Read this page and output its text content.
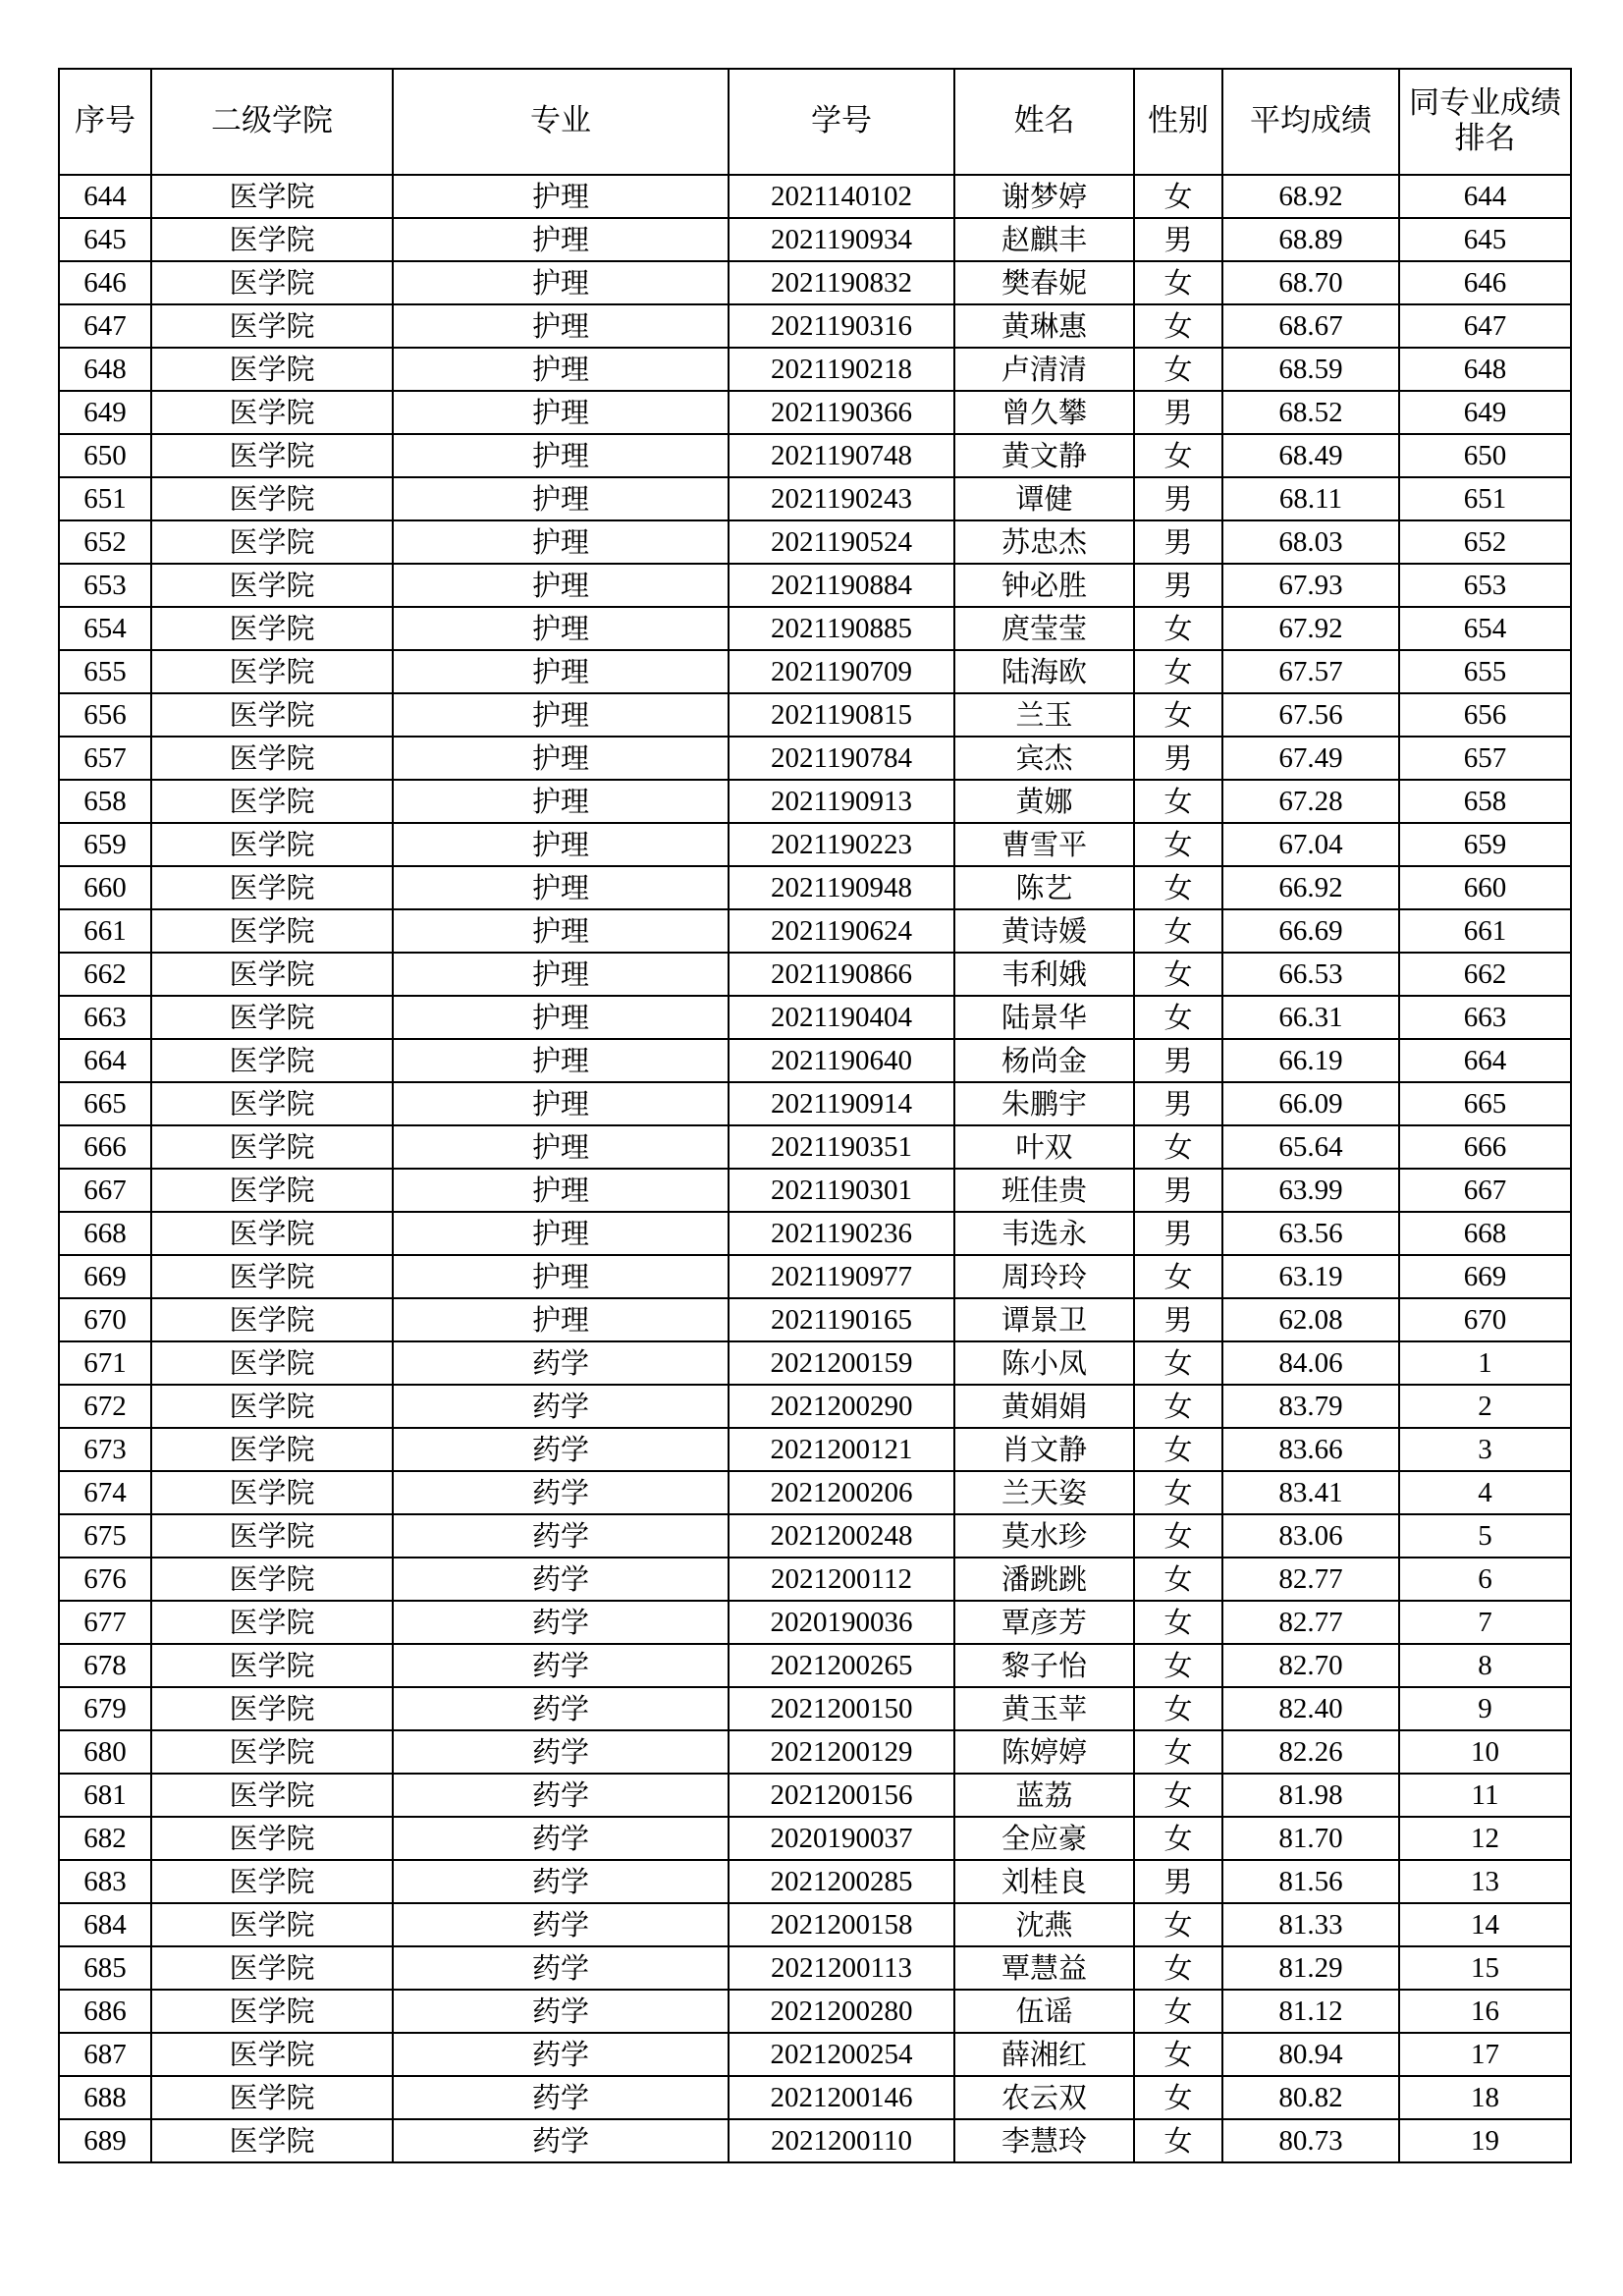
序号	二级学院	专业	学号	姓名	性别	平均成绩	同专业成绩排名
644	医学院	护理	2021140102	谢梦婷	女	68.92	644
645	医学院	护理	2021190934	赵麒丰	男	68.89	645
646	医学院	护理	2021190832	樊春妮	女	68.70	646
647	医学院	护理	2021190316	黄琳惠	女	68.67	647
648	医学院	护理	2021190218	卢清清	女	68.59	648
649	医学院	护理	2021190366	曾久攀	男	68.52	649
650	医学院	护理	2021190748	黄文静	女	68.49	650
651	医学院	护理	2021190243	谭健	男	68.11	651
652	医学院	护理	2021190524	苏忠杰	男	68.03	652
653	医学院	护理	2021190884	钟必胜	男	67.93	653
654	医学院	护理	2021190885	庹莹莹	女	67.92	654
655	医学院	护理	2021190709	陆海欧	女	67.57	655
656	医学院	护理	2021190815	兰玉	女	67.56	656
657	医学院	护理	2021190784	宾杰	男	67.49	657
658	医学院	护理	2021190913	黄娜	女	67.28	658
659	医学院	护理	2021190223	曹雪平	女	67.04	659
660	医学院	护理	2021190948	陈艺	女	66.92	660
661	医学院	护理	2021190624	黄诗媛	女	66.69	661
662	医学院	护理	2021190866	韦利娥	女	66.53	662
663	医学院	护理	2021190404	陆景华	女	66.31	663
664	医学院	护理	2021190640	杨尚金	男	66.19	664
665	医学院	护理	2021190914	朱鹏宇	男	66.09	665
666	医学院	护理	2021190351	叶双	女	65.64	666
667	医学院	护理	2021190301	班佳贵	男	63.99	667
668	医学院	护理	2021190236	韦选永	男	63.56	668
669	医学院	护理	2021190977	周玲玲	女	63.19	669
670	医学院	护理	2021190165	谭景卫	男	62.08	670
671	医学院	药学	2021200159	陈小凤	女	84.06	1
672	医学院	药学	2021200290	黄娟娟	女	83.79	2
673	医学院	药学	2021200121	肖文静	女	83.66	3
674	医学院	药学	2021200206	兰天姿	女	83.41	4
675	医学院	药学	2021200248	莫水珍	女	83.06	5
676	医学院	药学	2021200112	潘跳跳	女	82.77	6
677	医学院	药学	2020190036	覃彦芳	女	82.77	7
678	医学院	药学	2021200265	黎子怡	女	82.70	8
679	医学院	药学	2021200150	黄玉苹	女	82.40	9
680	医学院	药学	2021200129	陈婷婷	女	82.26	10
681	医学院	药学	2021200156	蓝荔	女	81.98	11
682	医学院	药学	2020190037	全应豪	女	81.70	12
683	医学院	药学	2021200285	刘桂良	男	81.56	13
684	医学院	药学	2021200158	沈燕	女	81.33	14
685	医学院	药学	2021200113	覃慧益	女	81.29	15
686	医学院	药学	2021200280	伍谣	女	81.12	16
687	医学院	药学	2021200254	薛湘红	女	80.94	17
688	医学院	药学	2021200146	农云双	女	80.82	18
689	医学院	药学	2021200110	李慧玲	女	80.73	19
